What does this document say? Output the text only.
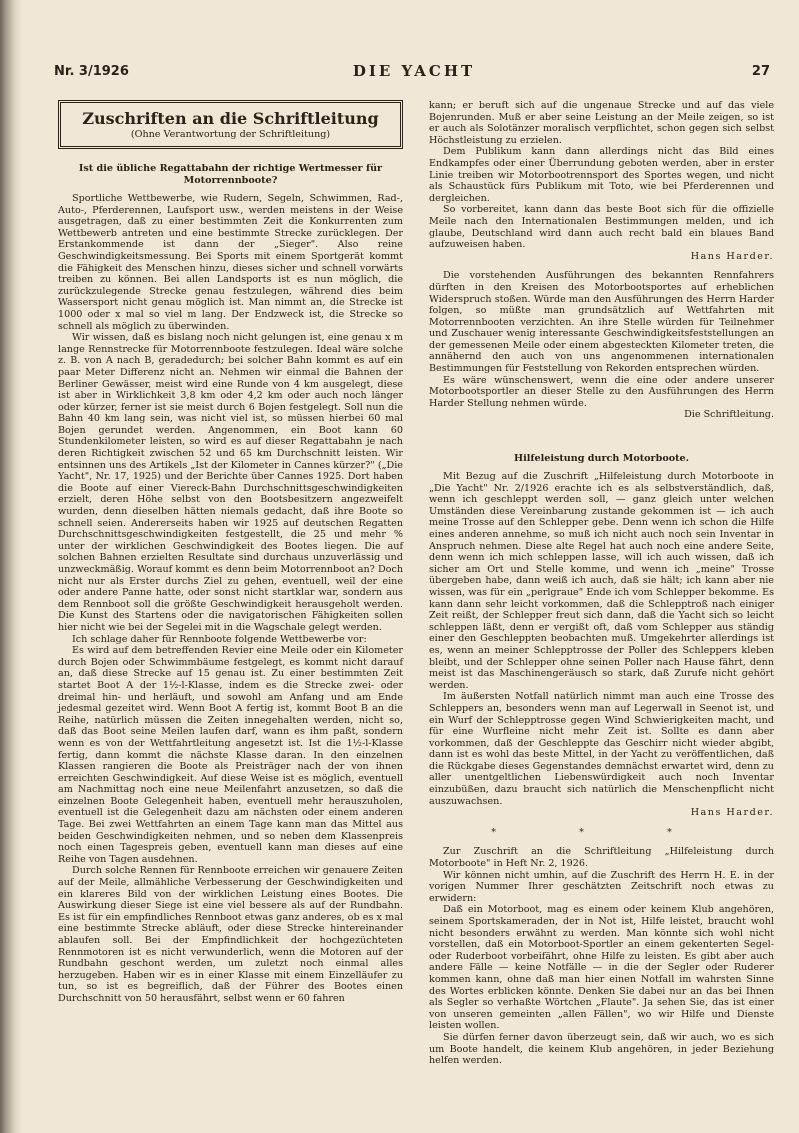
Nr. 3/1926	DIE YACHT	27
Zuschriften an die Schriftleitung
(Ohne Verantwortung der Schriftleitung)
Ist die übliche Regattabahn der richtige Wertmesser für Motorrennboote?

Sportliche Wettbewerbe, wie Rudern, Segeln, Schwimmen, Rad-, Auto-, Pferderennen, Laufsport usw., werden meistens in der Weise ausgetragen, daß zu einer bestimmten Zeit die Konkurrenten zum Wettbewerb antreten und eine bestimmte Strecke zurücklegen. Der Erstankommende ist dann der „Sieger". Also reine Geschwindigkeitsmessung. Bei Sports mit einem Sportgerät kommt die Fähigkeit des Menschen hinzu, dieses sicher und schnell vorwärts treiben zu können. Bei allen Landsports ist es nun möglich, die zurückzulegende Strecke genau festzulegen, während dies beim Wassersport nicht genau möglich ist. Man nimmt an, die Strecke ist 1000 oder x mal so viel m lang. Der Endzweck ist, die Strecke so schnell als möglich zu überwinden.

Wir wissen, daß es bislang noch nicht gelungen ist, eine genau x m lange Rennstrecke für Motorrennboote festzulegen. Ideal wäre solche z. B. von A nach B, geradedurch; bei solcher Bahn kommt es auf ein paar Meter Differenz nicht an. Nehmen wir einmal die Bahnen der Berliner Gewässer, meist wird eine Runde von 4 km ausgelegt, diese ist aber in Wirklichkeit 3,8 km oder 4,2 km oder auch noch länger oder kürzer, ferner ist sie meist durch 6 Bojen festgelegt. Soll nun die Bahn 40 km lang sein, was nicht viel ist, so müssen hierbei 60 mal Bojen gerundet werden. Angenommen, ein Boot kann 60 Stundenkilometer leisten, so wird es auf dieser Regattabahn je nach deren Richtigkeit zwischen 52 und 65 km Durchschnitt leisten. Wir entsinnen uns des Artikels „Ist der Kilometer in Cannes kürzer?" („Die Yacht", Nr. 17, 1925) und der Berichte über Cannes 1925. Dort haben die Boote auf einer Viereck-Bahn Durchschnittsgeschwindigkeiten erzielt, deren Höhe selbst von den Bootsbesitzern angezweifelt wurden, denn dieselben hätten niemals gedacht, daß ihre Boote so schnell seien. Andererseits haben wir 1925 auf deutschen Regatten Durchschnittsgeschwindigkeiten festgestellt, die 25 und mehr % unter der wirklichen Geschwindigkeit des Bootes liegen. Die auf solchen Bahnen erzielten Resultate sind durchaus unzuverlässig und unzweckmäßig. Worauf kommt es denn beim Motorrennboot an? Doch nicht nur als Erster durchs Ziel zu gehen, eventuell, weil der eine oder andere Panne hatte, oder sonst nicht startklar war, sondern aus dem Rennboot soll die größte Geschwindigkeit herausgeholt werden. Die Kunst des Startens oder die navigatorischen Fähigkeiten sollen hier nicht wie bei der Segelei mit in die Wagschale gelegt werden.

Ich schlage daher für Rennboote folgende Wettbewerbe vor:

Es wird auf dem betreffenden Revier eine Meile oder ein Kilometer durch Bojen oder Schwimmbäume festgelegt, es kommt nicht darauf an, daß diese Strecke auf 15 genau ist. Zu einer bestimmten Zeit startet Boot A der 1½-l-Klasse, indem es die Strecke zwei- oder dreimal hin- und herläuft, und sowohl am Anfang und am Ende jedesmal gezeitet wird. Wenn Boot A fertig ist, kommt Boot B an die Reihe, natürlich müssen die Zeiten innegehalten werden, nicht so, daß das Boot seine Meilen laufen darf, wann es ihm paßt, sondern wenn es von der Wettfahrtleitung angesetzt ist. Ist die 1½-l-Klasse fertig, dann kommt die nächste Klasse daran. In den einzelnen Klassen rangieren die Boote als Preisträger nach der von ihnen erreichten Geschwindigkeit. Auf diese Weise ist es möglich, eventuell am Nachmittag noch eine neue Meilenfahrt anzusetzen, so daß die einzelnen Boote Gelegenheit haben, eventuell mehr herauszuholen, eventuell ist die Gelegenheit dazu am nächsten oder einem anderen Tage. Bei zwei Wettfahrten an einem Tage kann man das Mittel aus beiden Geschwindigkeiten nehmen, und so neben dem Klassenpreis noch einen Tagespreis geben, eventuell kann man dieses auf eine Reihe von Tagen ausdehnen.

Durch solche Rennen für Rennboote erreichen wir genauere Zeiten auf der Meile, allmähliche Verbesserung der Geschwindigkeiten und ein klareres Bild von der wirklichen Leistung eines Bootes. Die Auswirkung dieser Siege ist eine viel bessere als auf der Rundbahn. Es ist für ein empfindliches Rennboot etwas ganz anderes, ob es x mal eine bestimmte Strecke abläuft, oder diese Strecke hintereinander ablaufen soll. Bei der Empfindlichkeit der hochgezüchteten Rennmotoren ist es nicht verwunderlich, wenn die Motoren auf der Rundbahn geschont werden, um zuletzt noch einmal alles herzugeben. Haben wir es in einer Klasse mit einem Einzelläufer zu tun, so ist es begreiflich, daß der Führer des Bootes einen Durchschnitt von 50 herausfährt, selbst wenn er 60 fahren

kann; er beruft sich auf die ungenaue Strecke und auf das viele Bojenrunden. Muß er aber seine Leistung an der Meile zeigen, so ist er auch als Solotänzer moralisch verpflichtet, schon gegen sich selbst Höchstleistung zu erzielen.

Dem Publikum kann dann allerdings nicht das Bild eines Endkampfes oder einer Überrundung geboten werden, aber in erster Linie treiben wir Motorbootrennsport des Sportes wegen, und nicht als Schaustück fürs Publikum mit Toto, wie bei Pferderennen und dergleichen.

So vorbereitet, kann dann das beste Boot sich für die offizielle Meile nach den Internationalen Bestimmungen melden, und ich glaube, Deutschland wird dann auch recht bald ein blaues Band aufzuweisen haben.

Hans Harder.

Die vorstehenden Ausführungen des bekannten Rennfahrers dürften in den Kreisen des Motorbootsportes auf erheblichen Widerspruch stoßen. Würde man den Ausführungen des Herrn Harder folgen, so müßte man grundsätzlich auf Wettfahrten mit Motorrennbooten verzichten. An ihre Stelle würden für Teilnehmer und Zuschauer wenig interessante Geschwindigkeitsfeststellungen an der gemessenen Meile oder einem abgesteckten Kilometer treten, die annähernd den auch von uns angenommenen internationalen Bestimmungen für Feststellung von Rekorden entsprechen würden.

Es wäre wünschenswert, wenn die eine oder andere unserer Motorbootsportler an dieser Stelle zu den Ausführungen des Herrn Harder Stellung nehmen würde.

Die Schriftleitung.
Hilfeleistung durch Motorboote.

Mit Bezug auf die Zuschrift „Hilfeleistung durch Motorboote in „Die Yacht" Nr. 2/1926 erachte ich es als selbstverständlich, daß, wenn ich geschleppt werden soll, — ganz gleich unter welchen Umständen diese Vereinbarung zustande gekommen ist — ich auch meine Trosse auf den Schlepper gebe. Denn wenn ich schon die Hilfe eines anderen annehme, so muß ich nicht auch noch sein Inventar in Anspruch nehmen. Diese alte Regel hat auch noch eine andere Seite, denn wenn ich mich schleppen lasse, will ich auch wissen, daß ich sicher am Ort und Stelle komme, und wenn ich „meine" Trosse übergeben habe, dann weiß ich auch, daß sie hält; ich kann aber nie wissen, was für ein „perlgraue" Ende ich vom Schlepper bekomme. Es kann dann sehr leicht vorkommen, daß die Schlepptroß nach einiger Zeit reißt, der Schlepper freut sich dann, daß die Yacht sich so leicht schleppen läßt, denn er vergißt oft, daß vom Schlepper aus ständig einer den Geschleppten beobachten muß. Umgekehrter allerdings ist es, wenn an meiner Schlepptrosse der Poller des Schleppers kleben bleibt, und der Schlepper ohne seinen Poller nach Hause fährt, denn meist ist das Maschinengeräusch so stark, daß Zurufe nicht gehört werden.

Im äußersten Notfall natürlich nimmt man auch eine Trosse des Schleppers an, besonders wenn man auf Legerwall in Seenot ist, und ein Wurf der Schlepptrosse gegen Wind Schwierigkeiten macht, und für eine Wurfleine nicht mehr Zeit ist. Sollte es dann aber vorkommen, daß der Geschleppte das Geschirr nicht wieder abgibt, dann ist es wohl das beste Mittel, in der Yacht zu veröffentlichen, daß die Rückgabe dieses Gegenstandes demnächst erwartet wird, denn zu aller unentgeltlichen Liebenswürdigkeit auch noch Inventar einzubüßen, dazu braucht sich natürlich die Menschenpflicht nicht auszuwachsen.

Hans Harder.
* * *

Zur Zuschrift an die Schriftleitung „Hilfeleistung durch Motorboote" in Heft Nr. 2, 1926.

Wir können nicht umhin, auf die Zuschrift des Herrn H. E. in der vorigen Nummer Ihrer geschätzten Zeitschrift noch etwas zu erwidern:

Daß ein Motorboot, mag es einem oder keinem Klub angehören, seinem Sportskameraden, der in Not ist, Hilfe leistet, braucht wohl nicht besonders erwähnt zu werden. Man könnte sich wohl nicht vorstellen, daß ein Motorboot-Sportler an einem gekenterten Segel- oder Ruderboot vorbeifährt, ohne Hilfe zu leisten. Es gibt aber auch andere Fälle — keine Notfälle — in die der Segler oder Ruderer kommen kann, ohne daß man hier einen Notfall im wahrsten Sinne des Wortes erblicken könnte. Denken Sie dabei nur an das bei Ihnen als Segler so verhaßte Wörtchen „Flaute". Ja sehen Sie, das ist einer von unseren gemeinten „allen Fällen", wo wir Hilfe und Dienste leisten wollen.

Sie dürfen ferner davon überzeugt sein, daß wir auch, wo es sich um Boote handelt, die keinem Klub angehören, in jeder Beziehung helfen werden.
